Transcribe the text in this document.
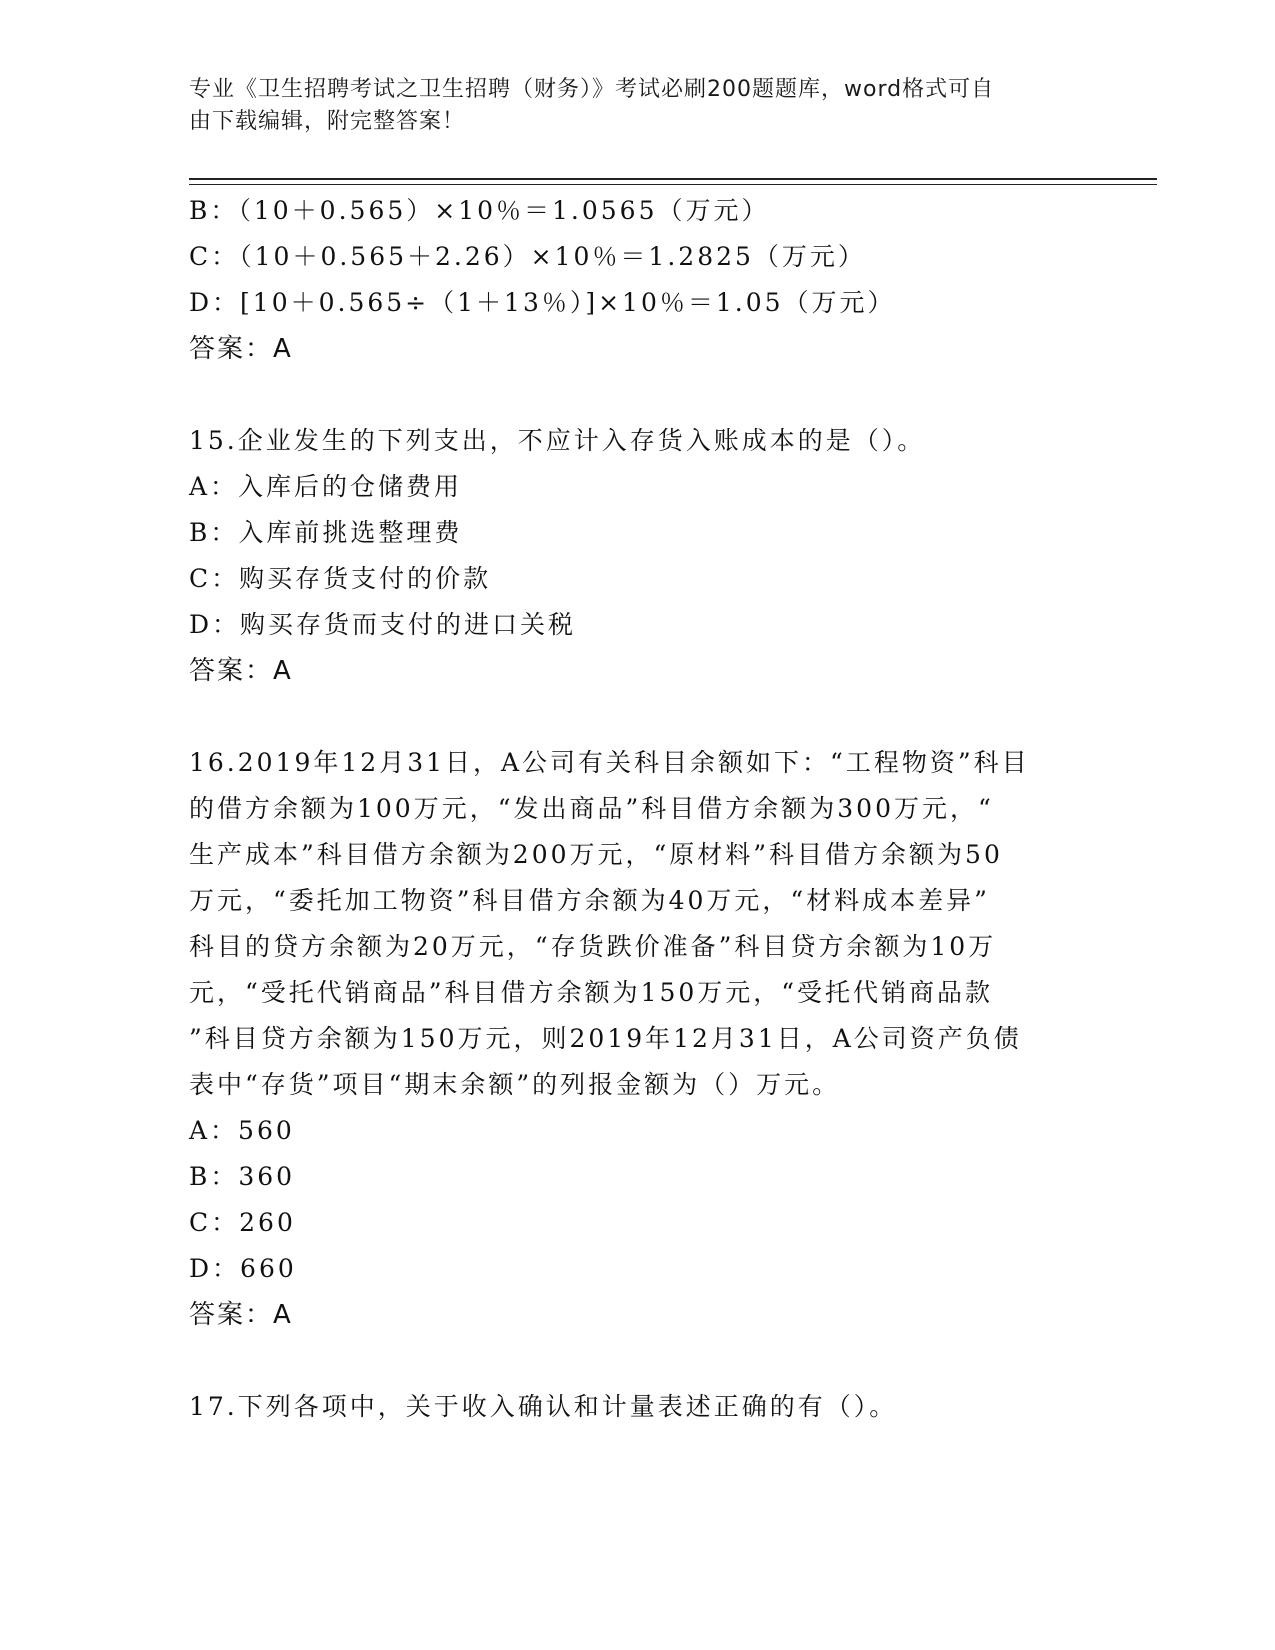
专业《卫生招聘考试之卫生招聘（财务）》考试必刷200题题库，word格式可自
由下载编辑，附完整答案！
B：（10＋0.565）×10％＝1.0565（万元）
C：（10＋0.565＋2.26）×10％＝1.2825（万元）
D：[10＋0.565÷（1＋13％）]×10％＝1.05（万元）
答案：A
15.企业发生的下列支出，不应计入存货入账成本的是（）。
A：入库后的仓储费用
B：入库前挑选整理费
C：购买存货支付的价款
D：购买存货而支付的进口关税
答案：A
16.2019年12月31日，A公司有关科目余额如下：“工程物资”科目
的借方余额为100万元，“发出商品”科目借方余额为300万元，“
生产成本”科目借方余额为200万元，“原材料”科目借方余额为50
万元，“委托加工物资”科目借方余额为40万元，“材料成本差异”
科目的贷方余额为20万元，“存货跌价准备”科目贷方余额为10万
元，“受托代销商品”科目借方余额为150万元，“受托代销商品款
”科目贷方余额为150万元，则2019年12月31日，A公司资产负债
表中“存货”项目“期末余额”的列报金额为（）万元。
A：560
B：360
C：260
D：660
答案：A
17.下列各项中，关于收入确认和计量表述正确的有（）。
